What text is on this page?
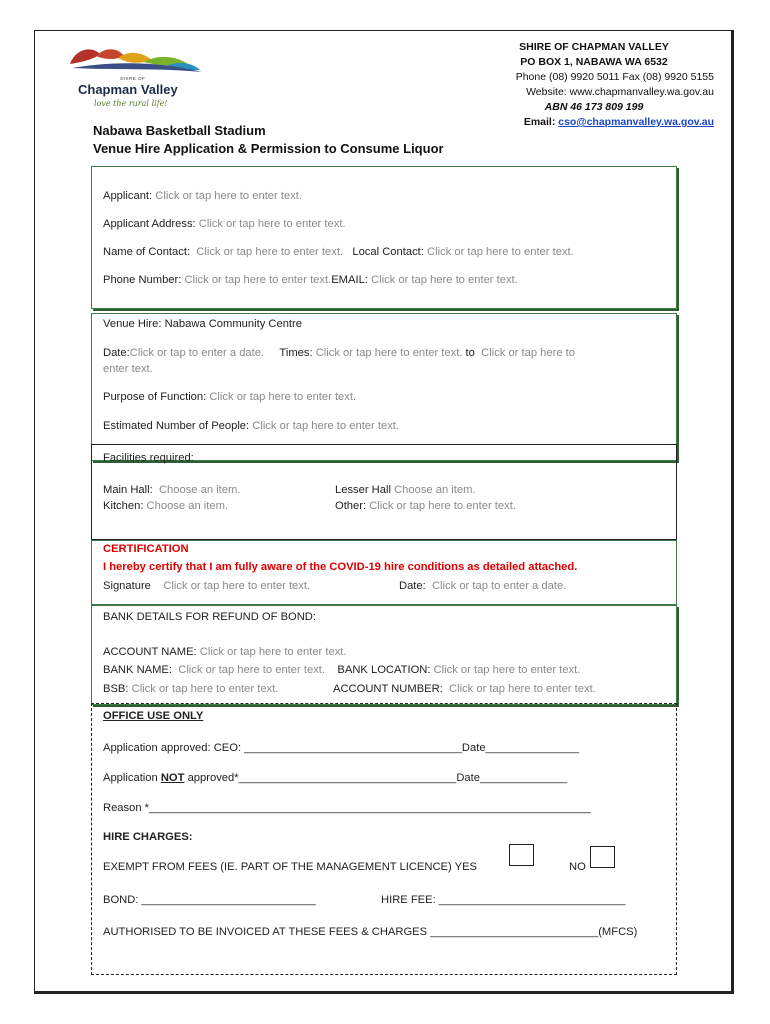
SHIRE OF
Chapman Valley
love the rural life!
SHIRE OF CHAPMAN VALLEY
PO BOX 1, NABAWA WA 6532
Phone (08) 9920 5011 Fax (08) 9920 5155
Website: www.chapmanvalley.wa.gov.au
ABN 46 173 809 199
Email: cso@chapmanvalley.wa.gov.au
Nabawa Basketball Stadium
Venue Hire Application & Permission to Consume Liquor
Applicant: Click or tap here to enter text.
Applicant Address: Click or tap here to enter text.
Name of Contact: Click or tap here to enter text. Local Contact: Click or tap here to enter text.
Phone Number: Click or tap here to enter text.EMAIL: Click or tap here to enter text.
Venue Hire: Nabawa Community Centre
Date:Click or tap to enter a date. Times: Click or tap here to enter text. to Click or tap here to
enter text.
Purpose of Function: Click or tap here to enter text.
Estimated Number of People: Click or tap here to enter text.
Facilities required:
Main Hall: Choose an item.	Lesser Hall Choose an item.
Kitchen: Choose an item.	Other: Click or tap here to enter text.
CERTIFICATION
I hereby certify that I am fully aware of the COVID-19 hire conditions as detailed attached.
Signature Click or tap here to enter text.	Date: Click or tap to enter a date.
BANK DETAILS FOR REFUND OF BOND:
ACCOUNT NAME: Click or tap here to enter text.
BANK NAME: Click or tap here to enter text. BANK LOCATION: Click or tap here to enter text.
BSB: Click or tap here to enter text.	ACCOUNT NUMBER: Click or tap here to enter text.
OFFICE USE ONLY
Application approved: CEO: ___________________________________Date_______________
Application NOT approved*___________________________________Date______________
Reason *_______________________________________________________________________
HIRE CHARGES:
EXEMPT FROM FEES (IE. PART OF THE MANAGEMENT LICENCE) YES	NO
BOND: ____________________________	HIRE FEE: ______________________________
AUTHORISED TO BE INVOICED AT THESE FEES & CHARGES ___________________________(MFCS)
